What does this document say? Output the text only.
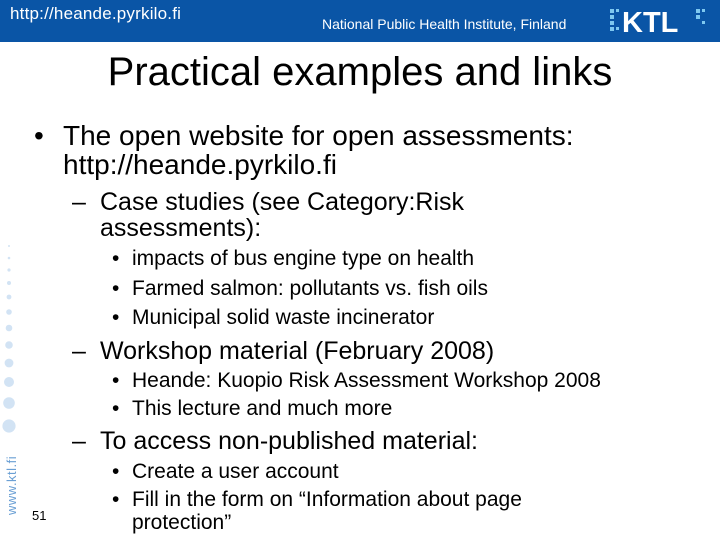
http://heande.pyrkilo.fi
National Public Health Institute, Finland KTL
www.ktl.fi
51
Practical examples and links
• The open website for open assessments:
http://heande.pyrkilo.fi
– Case studies (see Category:Risk
assessments):
• impacts of bus engine type on health
• Farmed salmon: pollutants vs. fish oils
• Municipal solid waste incinerator
– Workshop material (February 2008)
• Heande: Kuopio Risk Assessment Workshop 2008
• This lecture and much more
– To access non-published material:
• Create a user account
• Fill in the form on “Information about page
protection”
